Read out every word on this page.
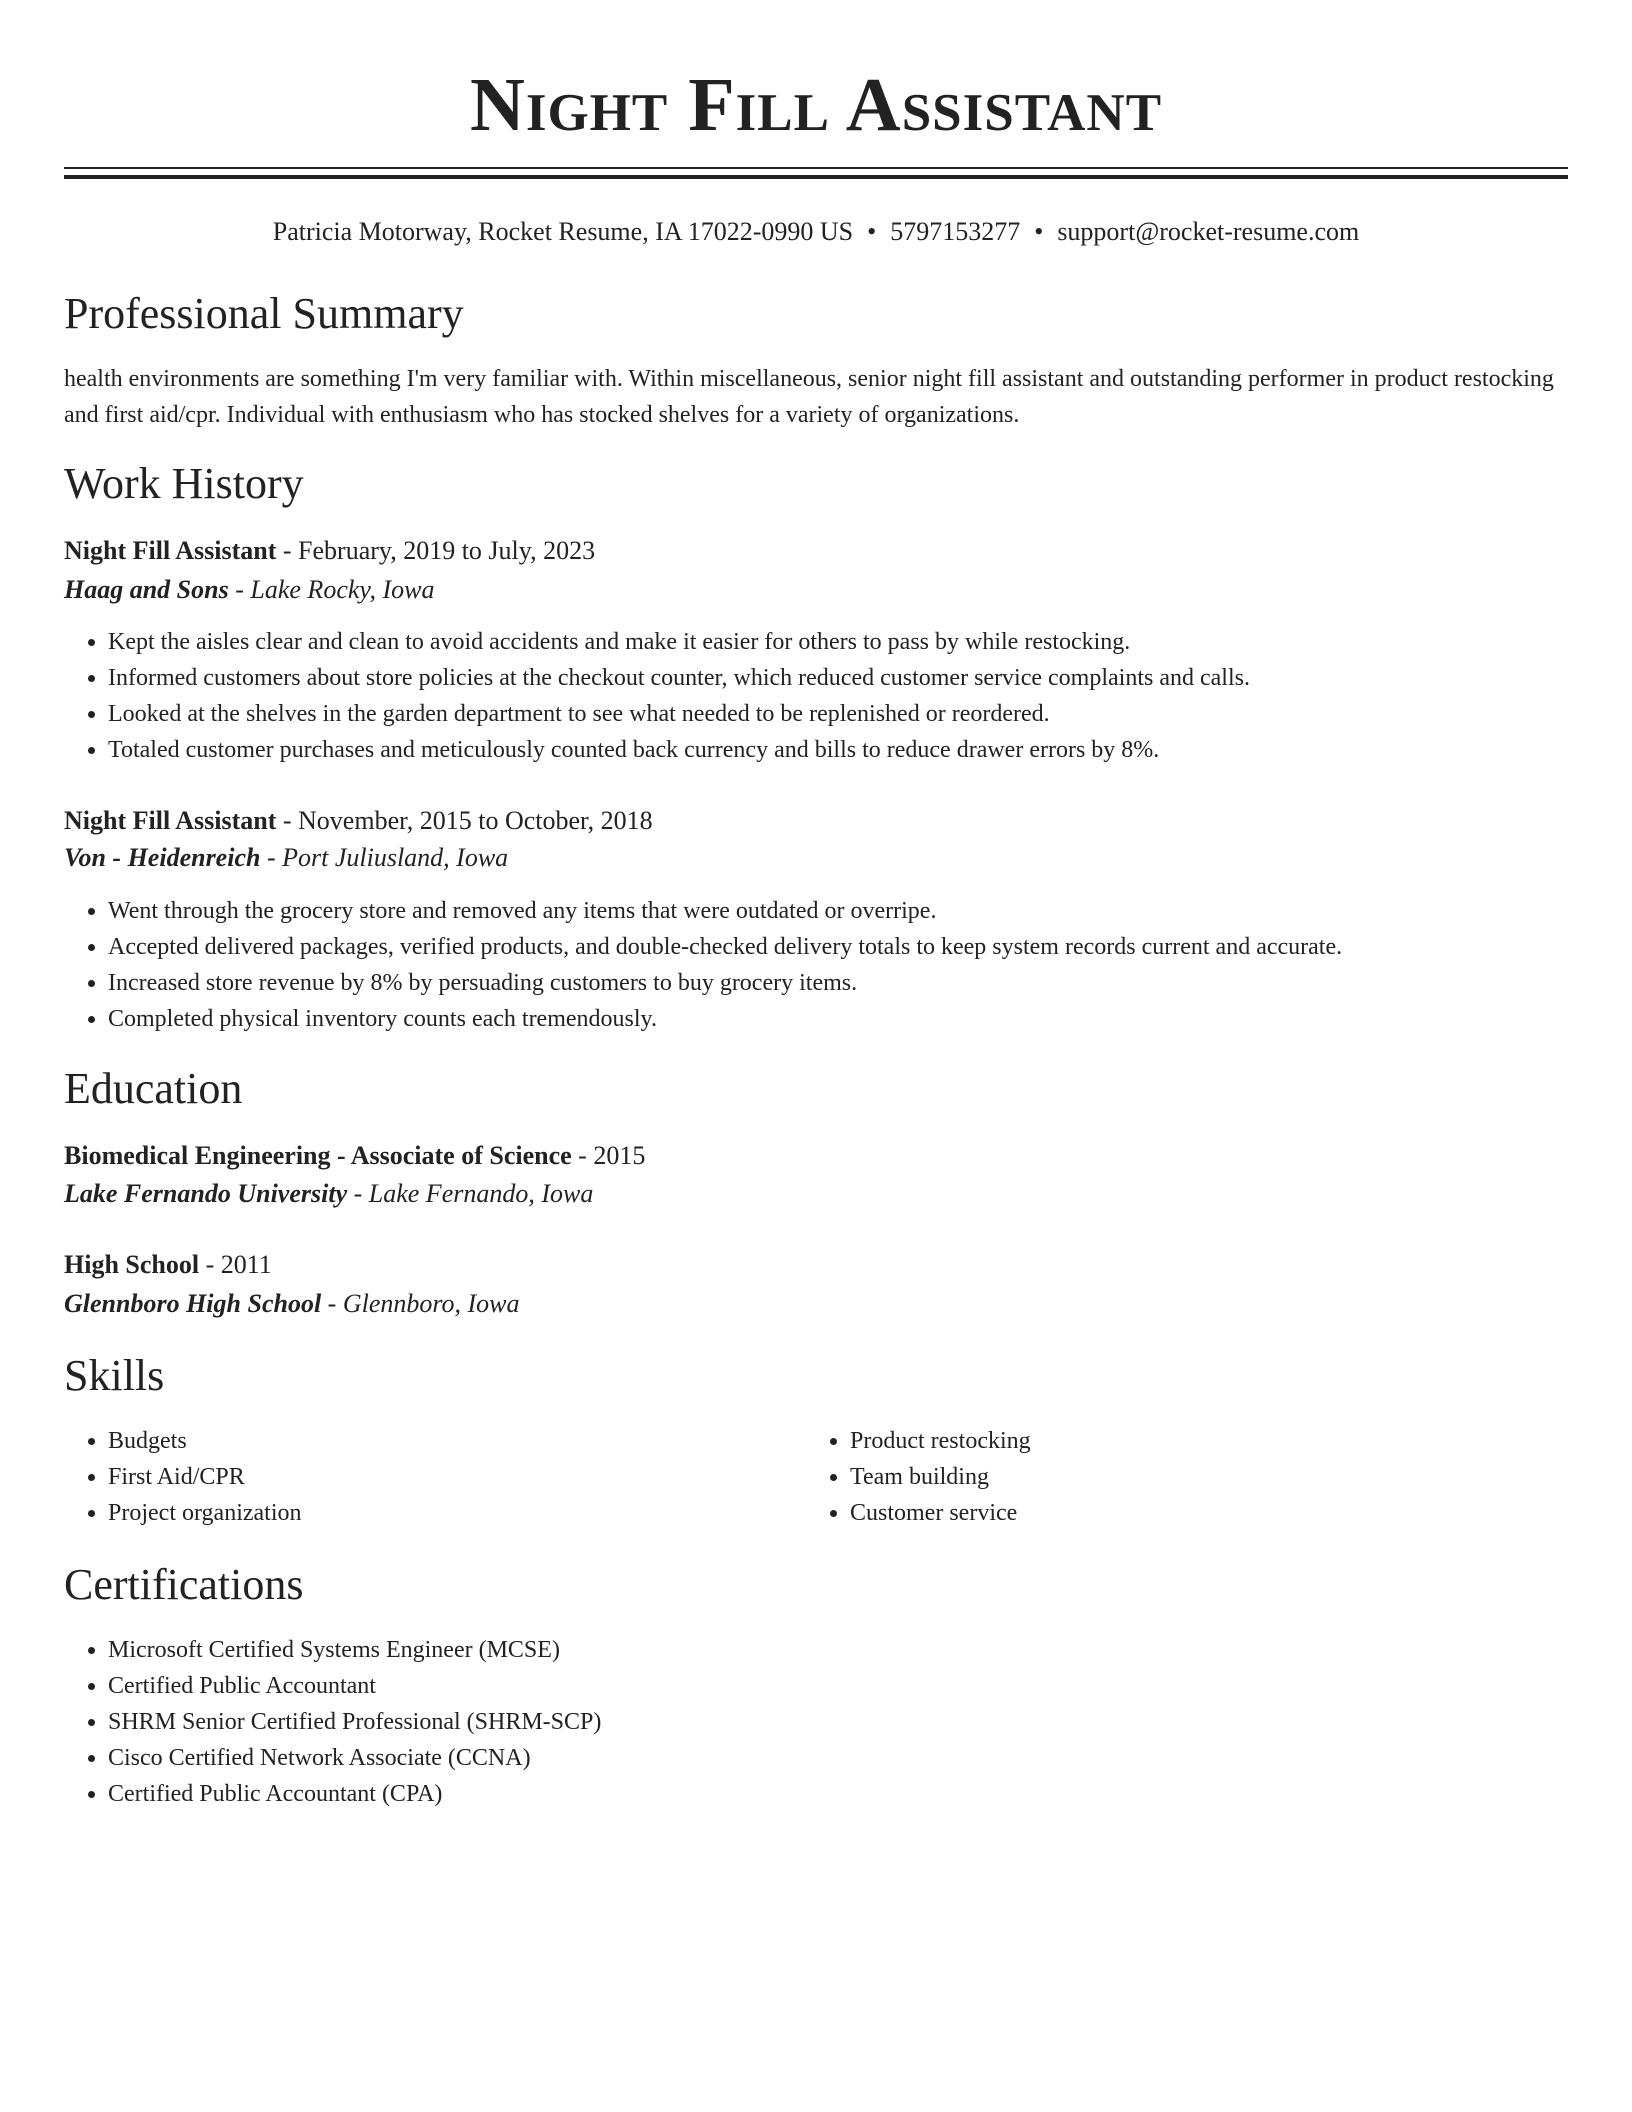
Night Fill Assistant
Patricia Motorway, Rocket Resume, IA 17022-0990 US • 5797153277 • support@rocket-resume.com
Professional Summary
health environments are something I'm very familiar with. Within miscellaneous, senior night fill assistant and outstanding performer in product restocking and first aid/cpr. Individual with enthusiasm who has stocked shelves for a variety of organizations.
Work History
Night Fill Assistant - February, 2019 to July, 2023
Haag and Sons - Lake Rocky, Iowa
• Kept the aisles clear and clean to avoid accidents and make it easier for others to pass by while restocking.
• Informed customers about store policies at the checkout counter, which reduced customer service complaints and calls.
• Looked at the shelves in the garden department to see what needed to be replenished or reordered.
• Totaled customer purchases and meticulously counted back currency and bills to reduce drawer errors by 8%.
Night Fill Assistant - November, 2015 to October, 2018
Von - Heidenreich - Port Juliusland, Iowa
• Went through the grocery store and removed any items that were outdated or overripe.
• Accepted delivered packages, verified products, and double-checked delivery totals to keep system records current and accurate.
• Increased store revenue by 8% by persuading customers to buy grocery items.
• Completed physical inventory counts each tremendously.
Education
Biomedical Engineering - Associate of Science - 2015
Lake Fernando University - Lake Fernando, Iowa
High School - 2011
Glennboro High School - Glennboro, Iowa
Skills
• Budgets
• First Aid/CPR
• Project organization
• Product restocking
• Team building
• Customer service
Certifications
• Microsoft Certified Systems Engineer (MCSE)
• Certified Public Accountant
• SHRM Senior Certified Professional (SHRM-SCP)
• Cisco Certified Network Associate (CCNA)
• Certified Public Accountant (CPA)
